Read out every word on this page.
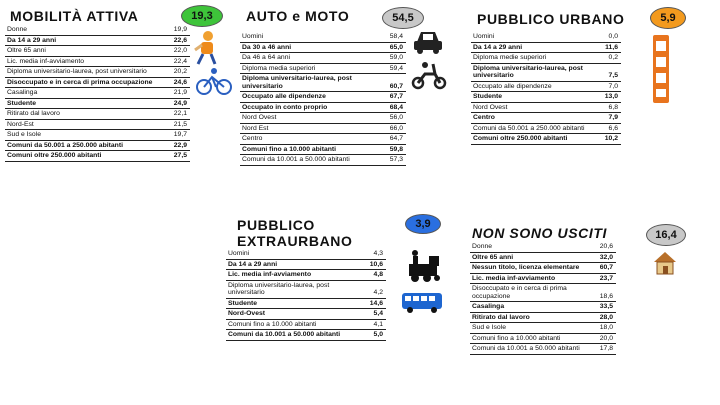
MOBILITÀ ATTIVA	19,3
Donne	19,9
Da 14 a 29 anni	22,6
Oltre 65 anni	22,0
Lic. media inf-avviamento	22,4
Diploma universitario-laurea, post universitario	20,2
Disoccupato e in cerca di prima occupazione	24,6
Casalinga	21,9
Studente	24,9
Ritirato dal lavoro	22,1
Nord-Est	21,5
Sud e Isole	19,7
Comuni da 50.001 a 250.000 abitanti	22,9
Comuni oltre 250.000 abitanti	27,5
AUTO e MOTO	54,5
Uomini	58,4
Da 30 a 46 anni	65,0
Da 46 a 64 anni	59,0
Diploma media superiori	59,4
Diploma universitario-laurea, post universitario	60,7
Occupato alle dipendenze	67,7
Occupato in conto proprio	68,4
Nord Ovest	56,0
Nord Est	66,0
Centro	64,7
Comuni fino a 10.000 abitanti	59,8
Comuni da 10.001 a 50.000 abitanti	57,3
PUBBLICO URBANO	5,9
Uomini	0,0
Da 14 a 29 anni	11,6
Diploma medie superiori	0,2
Diploma universitario-laurea, post universitario	7,5
Occupato alle dipendenze	7,0
Studente	13,0
Nord Ovest	6,8
Centro	7,9
Comuni da 50.001 a 250.000 abitanti	6,6
Comuni oltre 250.000 abitanti	10,2
PUBBLICO
EXTRAURBANO
3,9
Uomini	4,3
Da 14 a 29 anni	10,6
Lic. media inf-avviamento	4,8
Diploma universitario-laurea, post universitario	4,2
Studente	14,6
Nord-Ovest	5,4
Comuni fino a 10.000 abitanti	4,1
Comuni da 10.001 a 50.000 abitanti	5,0
NON SONO USCITI	16,4
Donne	20,6
Oltre 65 anni	32,0
Nessun titolo, licenza elementare	60,7
Lic. media inf-avviamento	23,7
Disoccupato e in cerca di prima occupazione	18,6
Casalinga	33,5
Ritirato dal lavoro	28,0
Sud e Isole	18,0
Comuni fino a 10.000 abitanti	20,0
Comuni da 10.001 a 50.000 abitanti	17,8
